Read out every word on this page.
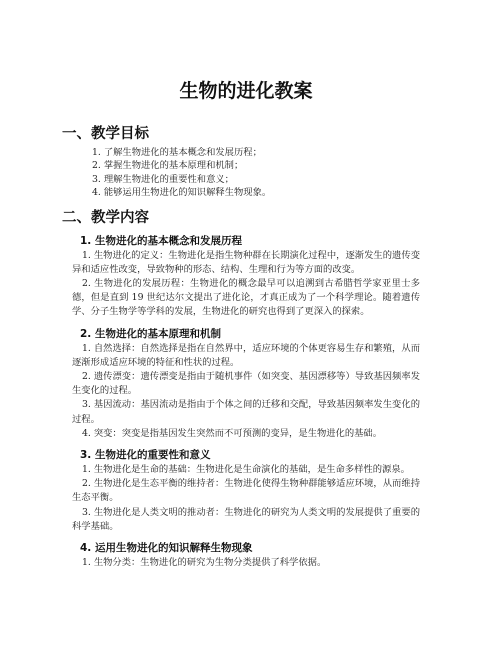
生物的进化教案
一、教学目标
1. 了解生物进化的基本概念和发展历程；
2. 掌握生物进化的基本原理和机制；
3. 理解生物进化的重要性和意义；
4. 能够运用生物进化的知识解释生物现象。
二、教学内容
1. 生物进化的基本概念和发展历程

1. 生物进化的定义：生物进化是指生物种群在长期演化过程中，逐渐发生的遗传变异和适应性改变，导致物种的形态、结构、生理和行为等方面的改变。

2. 生物进化的发展历程：生物进化的概念最早可以追溯到古希腊哲学家亚里士多德，但是直到 19 世纪达尔文提出了进化论，才真正成为了一个科学理论。随着遗传学、分子生物学等学科的发展，生物进化的研究也得到了更深入的探索。

2. 生物进化的基本原理和机制

1. 自然选择：自然选择是指在自然界中，适应环境的个体更容易生存和繁殖，从而逐渐形成适应环境的特征和性状的过程。

2. 遗传漂变：遗传漂变是指由于随机事件（如突变、基因漂移等）导致基因频率发生变化的过程。

3. 基因流动：基因流动是指由于个体之间的迁移和交配，导致基因频率发生变化的过程。

4. 突变：突变是指基因发生突然而不可预测的变异，是生物进化的基础。

3. 生物进化的重要性和意义

1. 生物进化是生命的基础：生物进化是生命演化的基础，是生命多样性的源泉。

2. 生物进化是生态平衡的维持者：生物进化使得生物种群能够适应环境，从而维持生态平衡。

3. 生物进化是人类文明的推动者：生物进化的研究为人类文明的发展提供了重要的科学基础。

4. 运用生物进化的知识解释生物现象

1. 生物分类：生物进化的研究为生物分类提供了科学依据。
